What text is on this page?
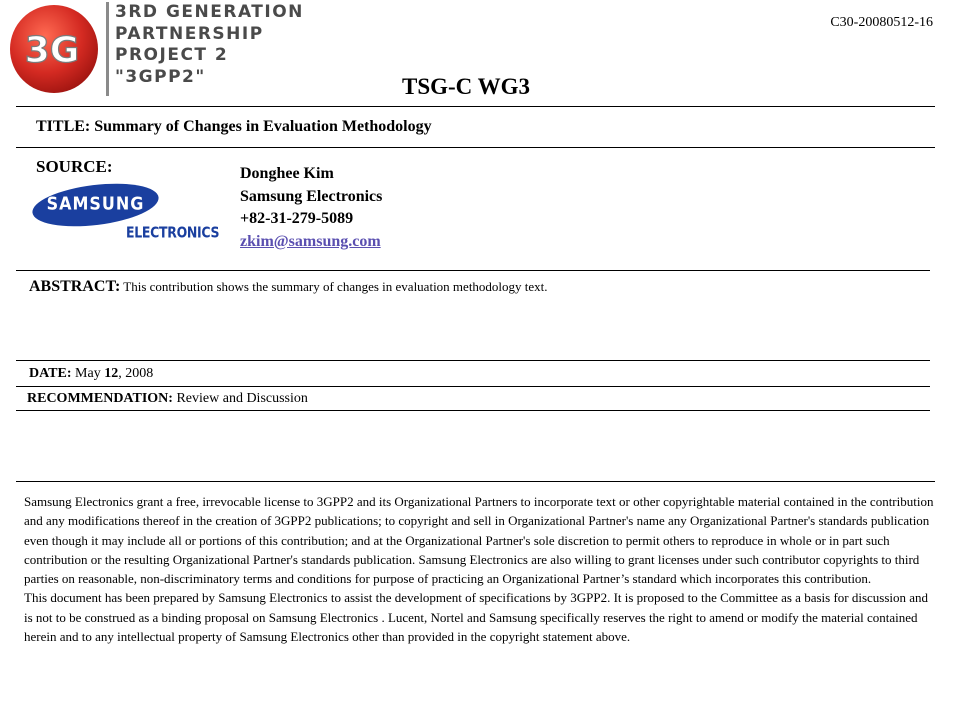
3G
3RD GENERATION
PARTNERSHIP
PROJECT 2
"3GPP2"
C30-20080512-16
TSG-C WG3
TITLE: Summary of Changes in Evaluation Methodology
SOURCE:
SAMSUNG
ELECTRONICS
Donghee Kim
Samsung Electronics
+82-31-279-5089
zkim@samsung.com
ABSTRACT: This contribution shows the summary of changes in evaluation methodology text.
DATE: May 12, 2008
RECOMMENDATION: Review and Discussion

Samsung Electronics grant a free, irrevocable license to 3GPP2 and its Organizational Partners to incorporate text or other copyrightable material contained in the contribution and any modifications thereof in the creation of 3GPP2 publications; to copyright and sell in Organizational Partner's name any Organizational Partner's standards publication even though it may include all or portions of this contribution; and at the Organizational Partner's sole discretion to permit others to reproduce in whole or in part such contribution or the resulting Organizational Partner's standards publication. Samsung Electronics are also willing to grant licenses under such contributor copyrights to third parties on reasonable, non-discriminatory terms and conditions for purpose of practicing an Organizational Partner’s standard which incorporates this contribution.

This document has been prepared by Samsung Electronics to assist the development of specifications by 3GPP2. It is proposed to the Committee as a basis for discussion and is not to be construed as a binding proposal on Samsung Electronics . Lucent, Nortel and Samsung specifically reserves the right to amend or modify the material contained herein and to any intellectual property of Samsung Electronics other than provided in the copyright statement above.
